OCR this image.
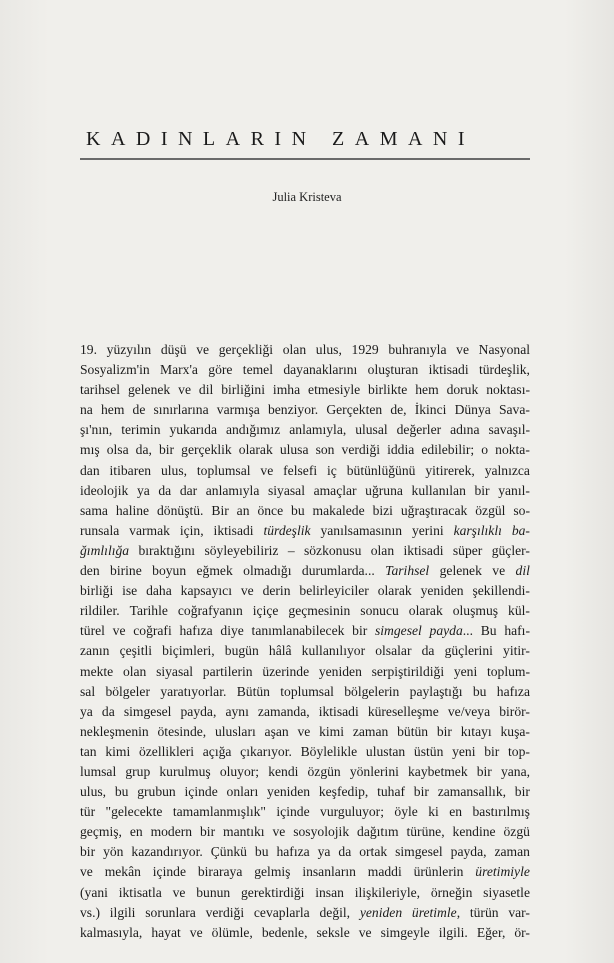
KADINLARIN ZAMANI
Julia Kristeva
19. yüzyılın düşü ve gerçekliği olan ulus, 1929 buhranıyla ve Nasyonal
Sosyalizm'in Marx'a göre temel dayanaklarını oluşturan iktisadi türdeşlik,
tarihsel gelenek ve dil birliğini imha etmesiyle birlikte hem doruk noktası-
na hem de sınırlarına varmışa benziyor. Gerçekten de, İkinci Dünya Sava-
şı'nın, terimin yukarıda andığımız anlamıyla, ulusal değerler adına savaşıl-
mış olsa da, bir gerçeklik olarak ulusa son verdiği iddia edilebilir; o nokta-
dan itibaren ulus, toplumsal ve felsefi iç bütünlüğünü yitirerek, yalnızca
ideolojik ya da dar anlamıyla siyasal amaçlar uğruna kullanılan bir yanıl-
sama haline dönüştü. Bir an önce bu makalede bizi uğraştıracak özgül so-
runsala varmak için, iktisadi türdeşlik yanılsamasının yerini karşılıklı ba-
ğımlılığa bıraktığını söyleyebiliriz – sözkonusu olan iktisadi süper güçler-
den birine boyun eğmek olmadığı durumlarda... Tarihsel gelenek ve dil
birliği ise daha kapsayıcı ve derin belirleyiciler olarak yeniden şekillendi-
rildiler. Tarihle coğrafyanın içiçe geçmesinin sonucu olarak oluşmuş kül-
türel ve coğrafi hafıza diye tanımlanabilecek bir simgesel payda... Bu hafı-
zanın çeşitli biçimleri, bugün hâlâ kullanılıyor olsalar da güçlerini yitir-
mekte olan siyasal partilerin üzerinde yeniden serpiştirildiği yeni toplum-
sal bölgeler yaratıyorlar. Bütün toplumsal bölgelerin paylaştığı bu hafıza
ya da simgesel payda, aynı zamanda, iktisadi küreselleşme ve/veya birör-
nekleşmenin ötesinde, ulusları aşan ve kimi zaman bütün bir kıtayı kuşa-
tan kimi özellikleri açığa çıkarıyor. Böylelikle ulustan üstün yeni bir top-
lumsal grup kurulmuş oluyor; kendi özgün yönlerini kaybetmek bir yana,
ulus, bu grubun içinde onları yeniden keşfedip, tuhaf bir zamansallık, bir
tür "gelecekte tamamlanmışlık" içinde vurguluyor; öyle ki en bastırılmış
geçmiş, en modern bir mantıkı ve sosyolojik dağıtım türüne, kendine özgü
bir yön kazandırıyor. Çünkü bu hafıza ya da ortak simgesel payda, zaman
ve mekân içinde biraraya gelmiş insanların maddi ürünlerin üretimiyle
(yani iktisatla ve bunun gerektirdiği insan ilişkileriyle, örneğin siyasetle
vs.) ilgili sorunlara verdiği cevaplarla değil, yeniden üretimle, türün var-
kalmasıyla, hayat ve ölümle, bedenle, seksle ve simgeyle ilgili. Eğer, ör-
